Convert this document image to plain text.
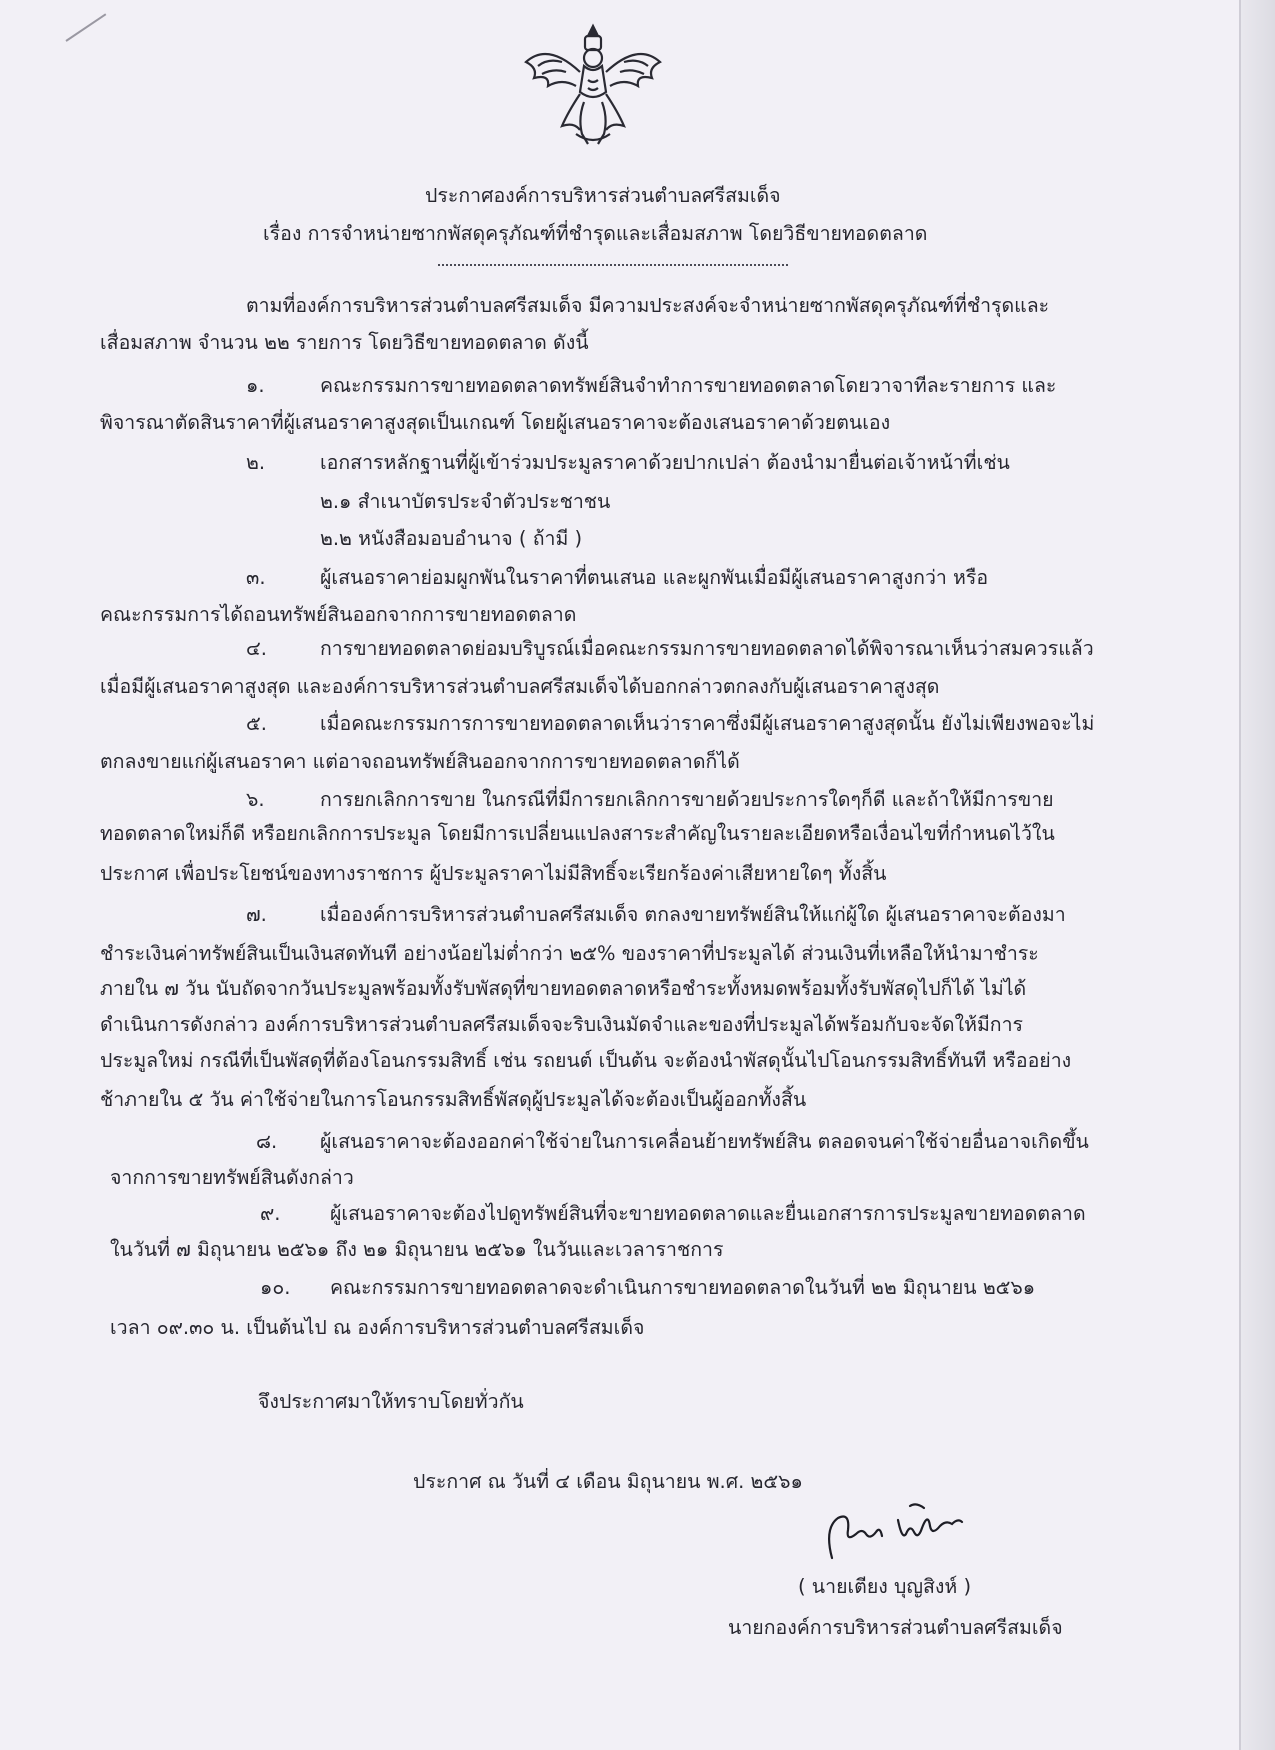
ประกาศองค์การบริหารส่วนตำบลศรีสมเด็จ
เรื่อง การจำหน่ายซากพัสดุครุภัณฑ์ที่ชำรุดและเสื่อมสภาพ โดยวิธีขายทอดตลาด
ตามที่องค์การบริหารส่วนตำบลศรีสมเด็จ มีความประสงค์จะจำหน่ายซากพัสดุครุภัณฑ์ที่ชำรุดและ
เสื่อมสภาพ จำนวน ๒๒ รายการ โดยวิธีขายทอดตลาด ดังนี้
๑.	คณะกรรมการขายทอดตลาดทรัพย์สินจำทำการขายทอดตลาดโดยวาจาทีละรายการ และ
พิจารณาตัดสินราคาที่ผู้เสนอราคาสูงสุดเป็นเกณฑ์ โดยผู้เสนอราคาจะต้องเสนอราคาด้วยตนเอง
๒.	เอกสารหลักฐานที่ผู้เข้าร่วมประมูลราคาด้วยปากเปล่า ต้องนำมายื่นต่อเจ้าหน้าที่เช่น
๒.๑ สำเนาบัตรประจำตัวประชาชน
๒.๒ หนังสือมอบอำนาจ ( ถ้ามี )
๓.	ผู้เสนอราคาย่อมผูกพันในราคาที่ตนเสนอ และผูกพันเมื่อมีผู้เสนอราคาสูงกว่า หรือ
คณะกรรมการได้ถอนทรัพย์สินออกจากการขายทอดตลาด
๔.	การขายทอดตลาดย่อมบริบูรณ์เมื่อคณะกรรมการขายทอดตลาดได้พิจารณาเห็นว่าสมควรแล้ว
เมื่อมีผู้เสนอราคาสูงสุด และองค์การบริหารส่วนตำบลศรีสมเด็จได้บอกกล่าวตกลงกับผู้เสนอราคาสูงสุด
๕.	เมื่อคณะกรรมการการขายทอดตลาดเห็นว่าราคาซึ่งมีผู้เสนอราคาสูงสุดนั้น ยังไม่เพียงพอจะไม่
ตกลงขายแก่ผู้เสนอราคา แต่อาจถอนทรัพย์สินออกจากการขายทอดตลาดก็ได้
๖.	การยกเลิกการขาย ในกรณีที่มีการยกเลิกการขายด้วยประการใดๆก็ดี และถ้าให้มีการขาย
ทอดตลาดใหม่ก็ดี หรือยกเลิกการประมูล โดยมีการเปลี่ยนแปลงสาระสำคัญในรายละเอียดหรือเงื่อนไขที่กำหนดไว้ใน
ประกาศ เพื่อประโยชน์ของทางราชการ ผู้ประมูลราคาไม่มีสิทธิ์จะเรียกร้องค่าเสียหายใดๆ ทั้งสิ้น
๗.	เมื่อองค์การบริหารส่วนตำบลศรีสมเด็จ ตกลงขายทรัพย์สินให้แก่ผู้ใด ผู้เสนอราคาจะต้องมา
ชำระเงินค่าทรัพย์สินเป็นเงินสดทันที อย่างน้อยไม่ต่ำกว่า ๒๕% ของราคาที่ประมูลได้ ส่วนเงินที่เหลือให้นำมาชำระ
ภายใน ๗ วัน นับถัดจากวันประมูลพร้อมทั้งรับพัสดุที่ขายทอดตลาดหรือชำระทั้งหมดพร้อมทั้งรับพัสดุไปก็ได้ ไม่ได้
ดำเนินการดังกล่าว องค์การบริหารส่วนตำบลศรีสมเด็จจะริบเงินมัดจำและของที่ประมูลได้พร้อมกับจะจัดให้มีการ
ประมูลใหม่ กรณีที่เป็นพัสดุที่ต้องโอนกรรมสิทธิ์ เช่น รถยนต์ เป็นต้น จะต้องนำพัสดุนั้นไปโอนกรรมสิทธิ์ทันที หรืออย่าง
ช้าภายใน ๕ วัน ค่าใช้จ่ายในการโอนกรรมสิทธิ์พัสดุผู้ประมูลได้จะต้องเป็นผู้ออกทั้งสิ้น
๘. ผู้เสนอราคาจะต้องออกค่าใช้จ่ายในการเคลื่อนย้ายทรัพย์สิน ตลอดจนค่าใช้จ่ายอื่นอาจเกิดขึ้น
จากการขายทรัพย์สินดังกล่าว
๙.	ผู้เสนอราคาจะต้องไปดูทรัพย์สินที่จะขายทอดตลาดและยื่นเอกสารการประมูลขายทอดตลาด
ในวันที่ ๗ มิถุนายน ๒๕๖๑ ถึง ๒๑ มิถุนายน ๒๕๖๑ ในวันและเวลาราชการ
๑๐. คณะกรรมการขายทอดตลาดจะดำเนินการขายทอดตลาดในวันที่ ๒๒ มิถุนายน ๒๕๖๑
เวลา ๐๙.๓๐ น. เป็นต้นไป ณ องค์การบริหารส่วนตำบลศรีสมเด็จ
จึงประกาศมาให้ทราบโดยทั่วกัน
ประกาศ ณ วันที่ ๔ เดือน มิถุนายน พ.ศ. ๒๕๖๑
( นายเตียง บุญสิงห์ )
นายกองค์การบริหารส่วนตำบลศรีสมเด็จ
